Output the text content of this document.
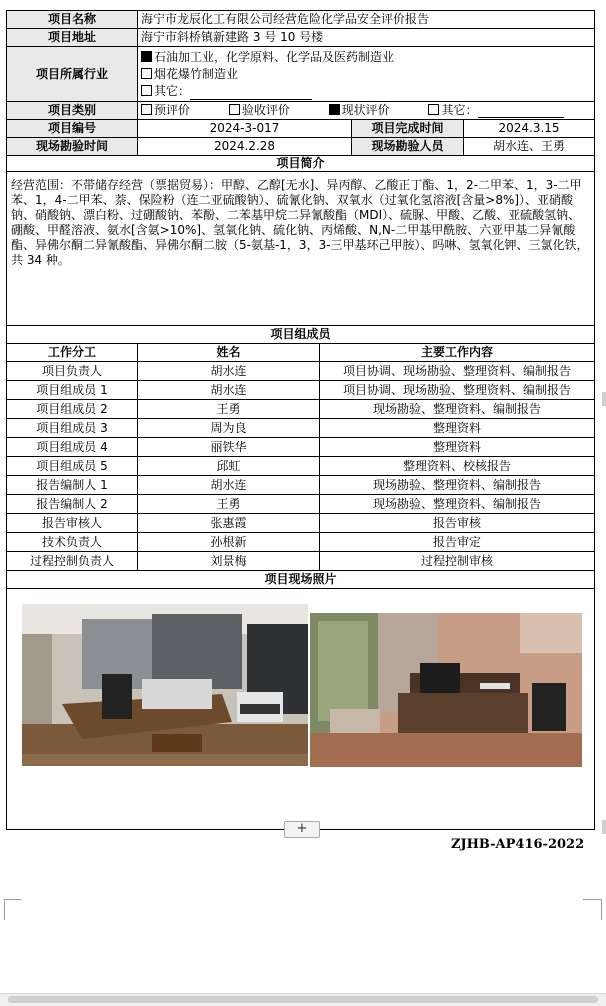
项目名称	海宁市龙辰化工有限公司经营危险化学品安全评价报告			
项目地址	海宁市斜桥镇新建路 3 号 10 号楼			
项目所属行业	石油加工业，化学原料、化学品及医药制造业
烟花爆竹制造业
其它：			

项目类别	预评价 验收评价 现状评价 其它：			
项目编号	2024-3-017		项目完成时间	2024.3.15
现场勘验时间	2024.2.28		现场勘验人员	胡水连、王勇
项目简介				
经营范围：不带储存经营（票据贸易）：甲醇、乙醇[无水]、异丙醇、乙酸正丁酯、1，2-二甲苯、1，3-二甲苯、1，4-二甲苯、萘、保险粉（连二亚硫酸钠）、硫氰化钠、双氧水（过氧化氢溶液[含量>8%]）、亚硝酸钠、硝酸钠、漂白粉、过硼酸钠、苯酚、二苯基甲烷二异氰酸酯（MDI）、硫脲、甲酸、乙酸、亚硫酸氢钠、硼酸、甲醛溶液、氨水[含氨>10%]、氢氧化钠、硫化钠、丙烯酸、N,N-二甲基甲酰胺、六亚甲基二异氰酸酯、异佛尔酮二异氰酸酯、异佛尔酮二胺（5-氨基-1，3，3-三甲基环己甲胺）、吗啉、氢氧化钾、三氯化铁，共 34 种。				
项目组成员				
工作分工	姓名	主要工作内容		
项目负责人	胡水连	项目协调、现场勘验、整理资料、编制报告		
项目组成员 1	胡水连	项目协调、现场勘验、整理资料、编制报告		
项目组成员 2	王勇	现场勘验、整理资料、编制报告		
项目组成员 3	周为良	整理资料		
项目组成员 4	丽铁华	整理资料		
项目组成员 5	邱虹	整理资料、校核报告		
报告编制人 1	胡水连	现场勘验、整理资料、编制报告		
报告编制人 2	王勇	现场勘验、整理资料、编制报告		
报告审核人	张惠霞	报告审核		
技术负责人	孙根新	报告审定		
过程控制负责人	刘景梅	过程控制审核		
项目现场照片				

+
ZJHB-AP416-2022
